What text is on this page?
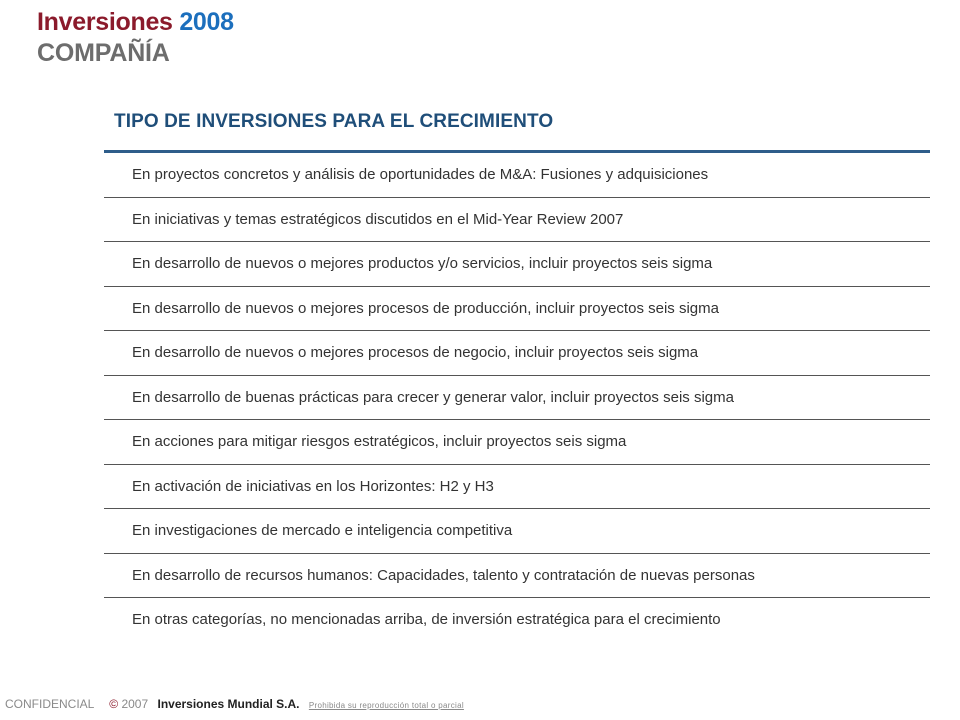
Inversiones 2008
COMPAÑÍA
TIPO DE INVERSIONES PARA EL CRECIMIENTO
En proyectos concretos y análisis de oportunidades de M&A: Fusiones y adquisiciones
En iniciativas y temas estratégicos discutidos en el Mid-Year Review 2007
En desarrollo de nuevos o mejores productos y/o servicios, incluir proyectos seis sigma
En desarrollo de nuevos o mejores procesos de producción, incluir proyectos seis sigma
En desarrollo de nuevos o mejores procesos de negocio, incluir proyectos seis sigma
En desarrollo de buenas prácticas para crecer y generar valor, incluir proyectos seis sigma
En acciones para mitigar riesgos estratégicos, incluir proyectos seis sigma
En activación de iniciativas en los Horizontes: H2 y H3
En investigaciones de mercado e inteligencia competitiva
En desarrollo de recursos humanos: Capacidades, talento y contratación de nuevas personas
En otras categorías, no mencionadas arriba, de inversión estratégica para el crecimiento
CONFIDENCIAL © 2007 Inversiones Mundial S.A. Prohibida su reproducción total o parcial
